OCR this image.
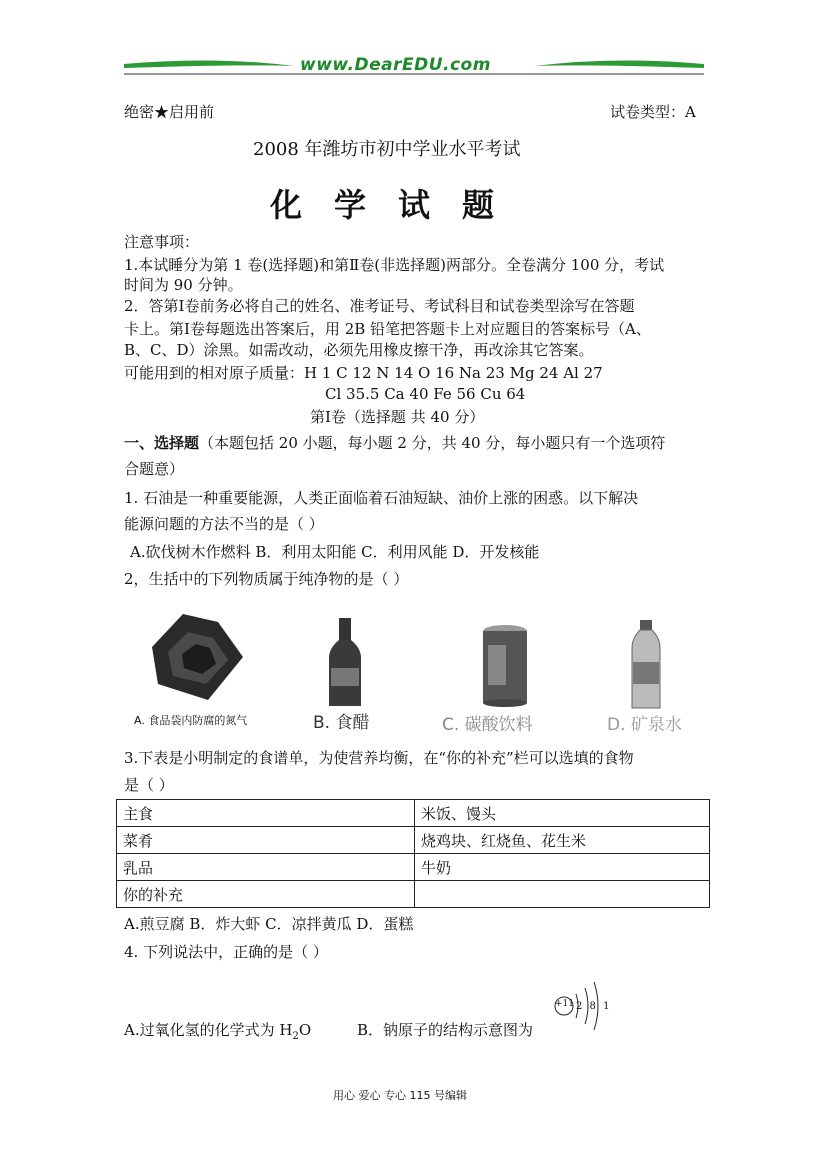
www.DearEDU.com
绝密★启用前	试卷类型：A
2008 年潍坊市初中学业水平考试
化学试题
注意事项：
1.本试睡分为第 1 卷(选择题)和第Ⅱ卷(非选择题)两部分。全卷满分 100 分，考试
时间为 90 分钟。
2．答第Ⅰ卷前务必将自己的姓名、准考证号、考试科目和试卷类型涂写在答题
卡上。第Ⅰ卷每题选出答案后，用 2B 铅笔把答题卡上对应题目的答案标号（A、
B、C、D）涂黑。如需改动，必须先用橡皮擦干净，再改涂其它答案。
可能用到的相对原子质量：H 1 C 12 N 14 O 16 Na 23 Mg 24 Al 27
Cl 35.5 Ca 40 Fe 56 Cu 64
第Ⅰ卷（选择题 共 40 分）
一、选择题（本题包括 20 小题，每小题 2 分，共 40 分，每小题只有一个选项符
合题意）
1. 石油是一种重要能源，人类正面临着石油短缺、油价上涨的困惑。以下解决
能源问题的方法不当的是（ ）
A.砍伐树木作燃料 B．利用太阳能 C．利用风能 D．开发核能
2，生括中的下列物质属于纯净物的是（ ）
A. 食品袋内防腐的氮气	B. 食醋	C. 碳酸饮料	D. 矿泉水
3.下表是小明制定的食谱单，为使营养均衡，在“你的补充”栏可以选填的食物
是（ ）
主食	米饭、馒头
菜肴	烧鸡块、红烧鱼、花生米
乳品	牛奶
你的补充	
A.煎豆腐 B．炸大虾 C．凉拌黄瓜 D．蛋糕
4. 下列说法中，正确的是（ ）
A.过氧化氢的化学式为 $H_2O$	B．钠原子的结构示意图为
+11 2 8 1
用心 爱心 专心 115 号编辑
